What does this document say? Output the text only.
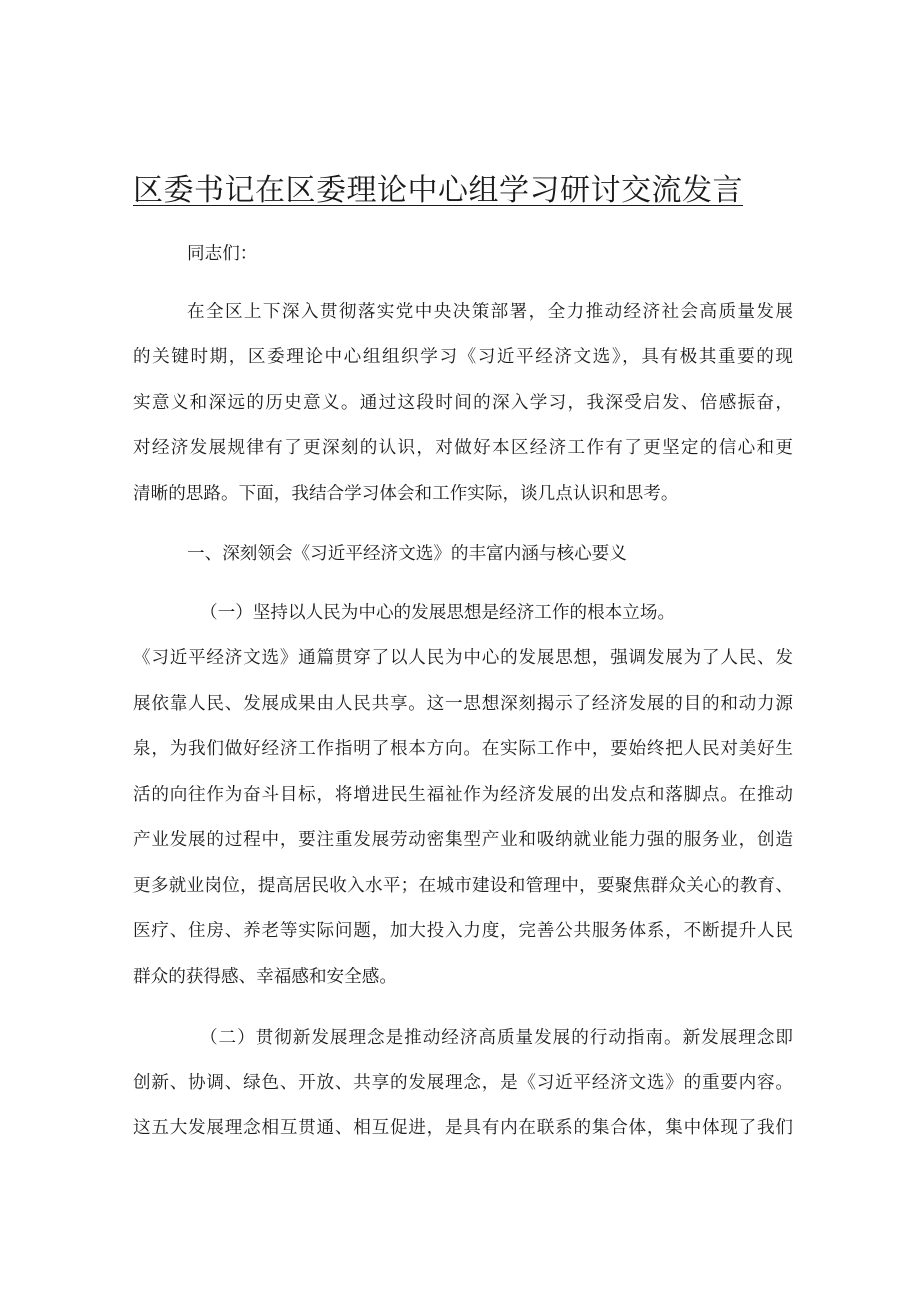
区委书记在区委理论中心组学习研讨交流发言

同志们：

在全区上下深入贯彻落实党中央决策部署，全力推动经济社会高质量发展

的关键时期，区委理论中心组组织学习《习近平经济文选》，具有极其重要的现

实意义和深远的历史意义。通过这段时间的深入学习，我深受启发、倍感振奋，

对经济发展规律有了更深刻的认识，对做好本区经济工作有了更坚定的信心和更

清晰的思路。下面，我结合学习体会和工作实际，谈几点认识和思考。

一、深刻领会《习近平经济文选》的丰富内涵与核心要义

（一）坚持以人民为中心的发展思想是经济工作的根本立场。

《习近平经济文选》通篇贯穿了以人民为中心的发展思想，强调发展为了人民、发

展依靠人民、发展成果由人民共享。这一思想深刻揭示了经济发展的目的和动力源

泉，为我们做好经济工作指明了根本方向。在实际工作中，要始终把人民对美好生

活的向往作为奋斗目标，将增进民生福祉作为经济发展的出发点和落脚点。在推动

产业发展的过程中，要注重发展劳动密集型产业和吸纳就业能力强的服务业，创造

更多就业岗位，提高居民收入水平；在城市建设和管理中，要聚焦群众关心的教育、

医疗、住房、养老等实际问题，加大投入力度，完善公共服务体系，不断提升人民

群众的获得感、幸福感和安全感。

（二）贯彻新发展理念是推动经济高质量发展的行动指南。新发展理念即

创新、协调、绿色、开放、共享的发展理念，是《习近平经济文选》的重要内容。

这五大发展理念相互贯通、相互促进，是具有内在联系的集合体，集中体现了我们
